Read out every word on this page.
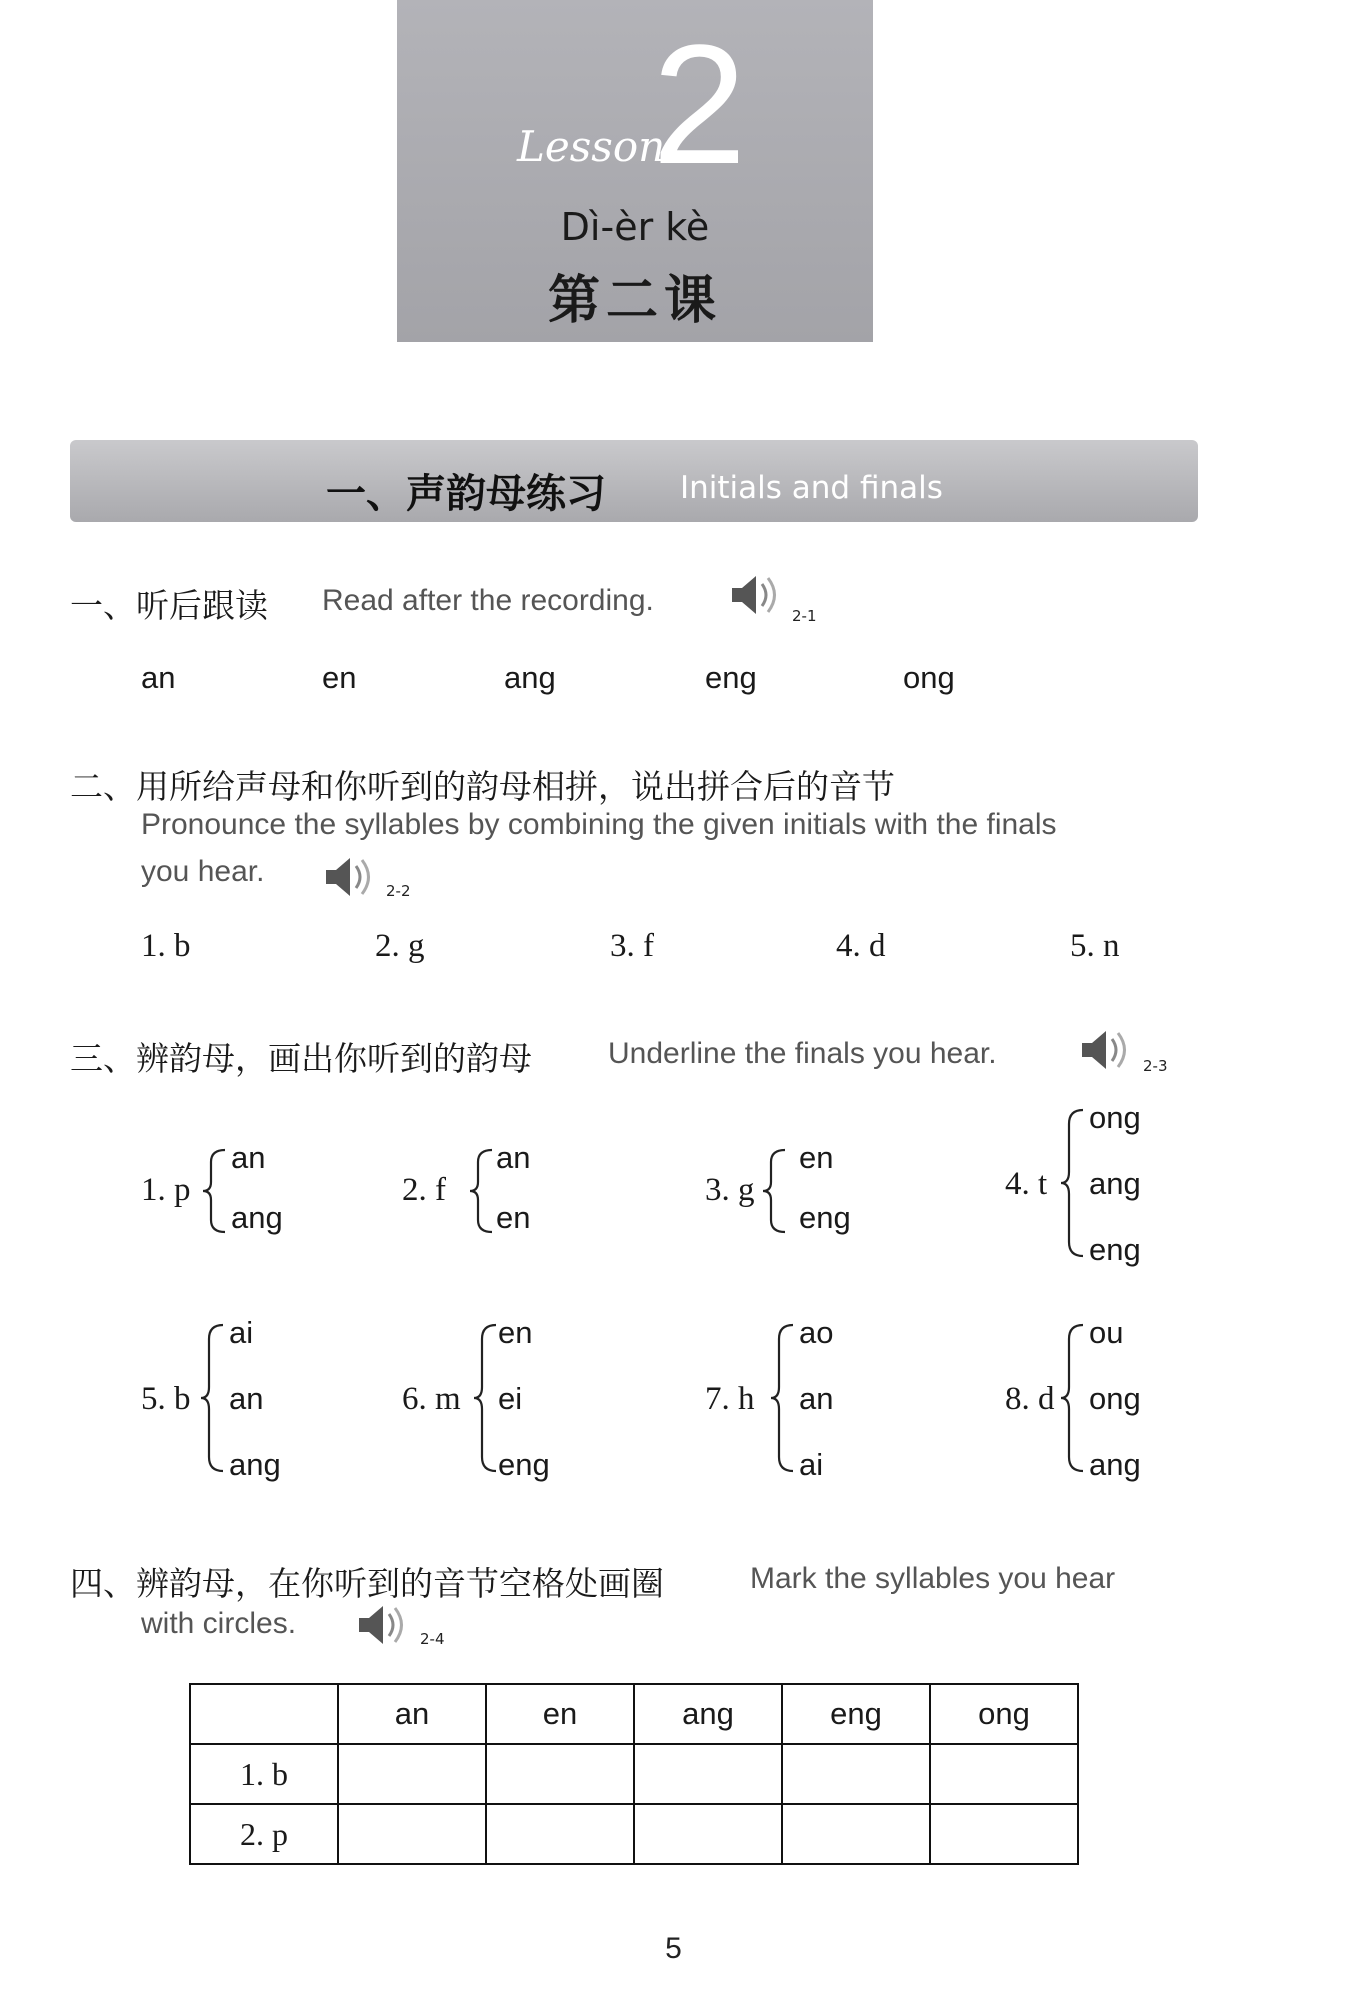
Lesson
2
Dì-èr kè
第二课
一、声韵母练习 Initials and finals
一、听后跟读 Read after the recording.	2-1
an	en	ang	eng	ong
二、用所给声母和你听到的韵母相拼，说出拼合后的音节
Pronounce the syllables by combining the given initials with the finals
you hear.
2-2
1. b	2. g	3. f	4. d	5. n
三、辨韵母，画出你听到的韵母	Underline the finals you hear.	2-3
1. p
an
ang
2. f
an
en
3. g
en
eng
4. t
ong
ang
eng
5. b
ai
an
ang
6. m
en
ei
eng
7. h
ao
an
ai
8. d
ou
ong
ang
四、辨韵母，在你听到的音节空格处画圈	Mark the syllables you hear
with circles.	2-4
	an	en	ang	eng	ong
1. b					
2. p					
5
